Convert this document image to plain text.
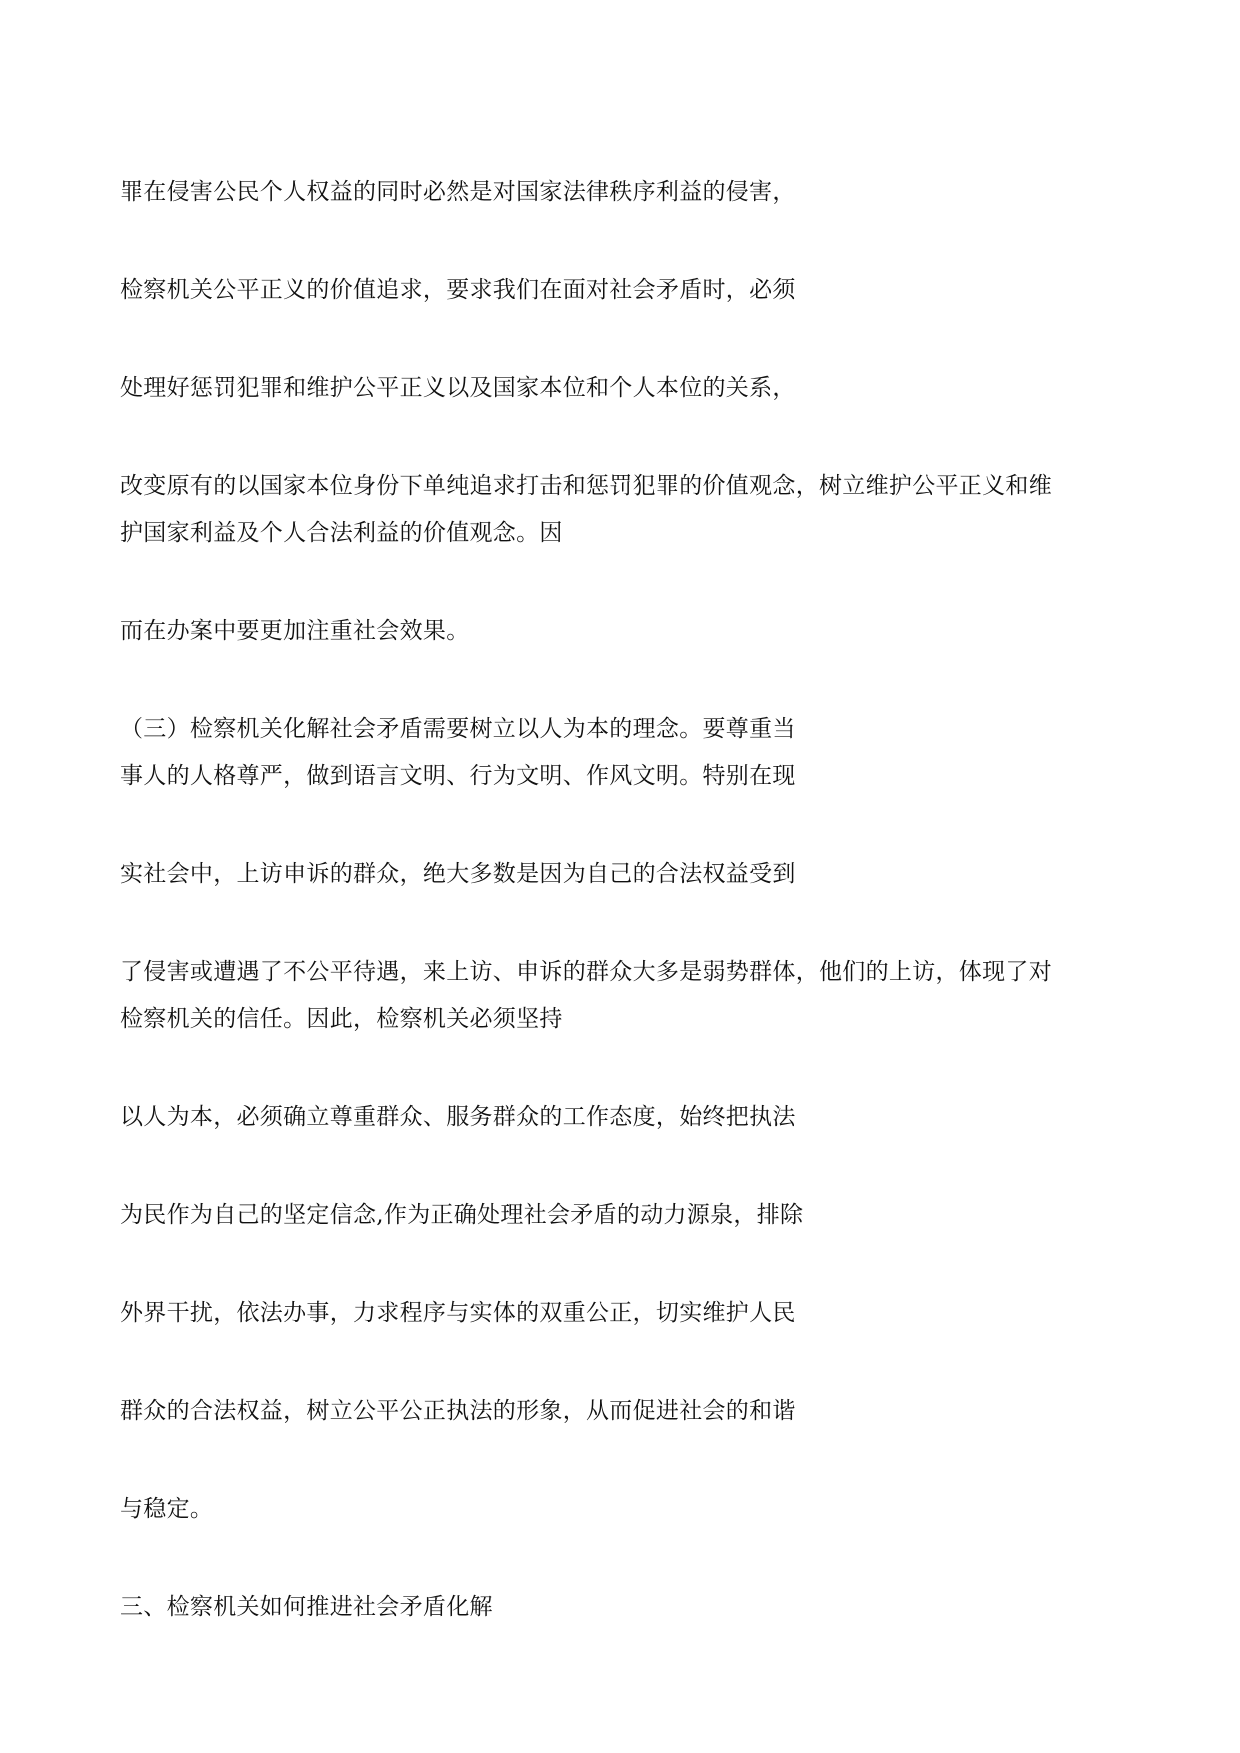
罪在侵害公民个人权益的同时必然是对国家法律秩序利益的侵害，

检察机关公平正义的价值追求，要求我们在面对社会矛盾时，必须

处理好惩罚犯罪和维护公平正义以及国家本位和个人本位的关系，

改变原有的以国家本位身份下单纯追求打击和惩罚犯罪的价值观念，树立维护公平正义和维

护国家利益及个人合法利益的价值观念。因

而在办案中要更加注重社会效果。

（三）检察机关化解社会矛盾需要树立以人为本的理念。要尊重当

事人的人格尊严，做到语言文明、行为文明、作风文明。特别在现

实社会中，上访申诉的群众，绝大多数是因为自己的合法权益受到

了侵害或遭遇了不公平待遇，来上访、申诉的群众大多是弱势群体，他们的上访，体现了对

检察机关的信任。因此，检察机关必须坚持

以人为本，必须确立尊重群众、服务群众的工作态度，始终把执法

为民作为自己的坚定信念,作为正确处理社会矛盾的动力源泉，排除

外界干扰，依法办事，力求程序与实体的双重公正，切实维护人民

群众的合法权益，树立公平公正执法的形象，从而促进社会的和谐

与稳定。

三、检察机关如何推进社会矛盾化解
